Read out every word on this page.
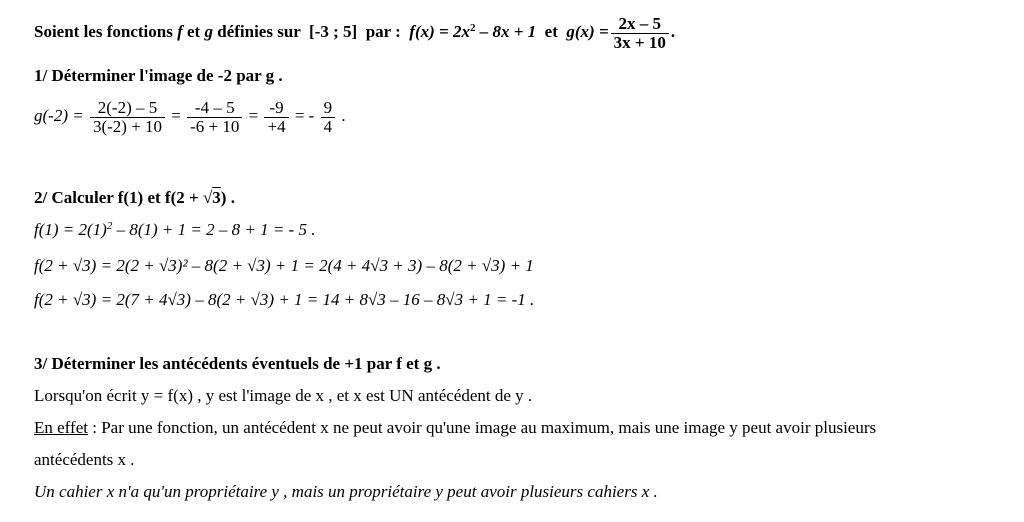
Soient les fonctions f et g définies sur [-3 ; 5] par : $f(x) = 2x^2 - 8x + 1$ et $g(x) = \frac{2x - 5}{3x + 10}$ .
1/ Déterminer l'image de -2 par g .
$g(-2) = \frac{2(-2) - 5}{3(-2) + 10} = \frac{-4 - 5}{-6 + 10} = \frac{-9}{+4}$ = - $\frac{9}{4}$ .
2/ Calculer f(1) et f(2 + √3) .
$f(1) = 2(1)^2 - 8(1) + 1 = 2 - 8 + 1$ = - 5 .
f(2 + √3) = 2(2 + √3)² – 8(2 + √3) + 1 = 2(4 + 4√3 + 3) – 8(2 + √3) + 1
f(2 + √3) = 2(7 + 4√3) – 8(2 + √3) + 1 = 14 + 8√3 – 16 – 8√3 + 1 = -1 .
3/ Déterminer les antécédents éventuels de +1 par f et g .
Lorsqu'on écrit y = f(x) , y est l'image de x , et x est UN antécédent de y .
En effet : Par une fonction, un antécédent x ne peut avoir qu'une image au maximum, mais une image y peut avoir plusieurs
antécédents x .
Un cahier x n'a qu'un propriétaire y , mais un propriétaire y peut avoir plusieurs cahiers x .
